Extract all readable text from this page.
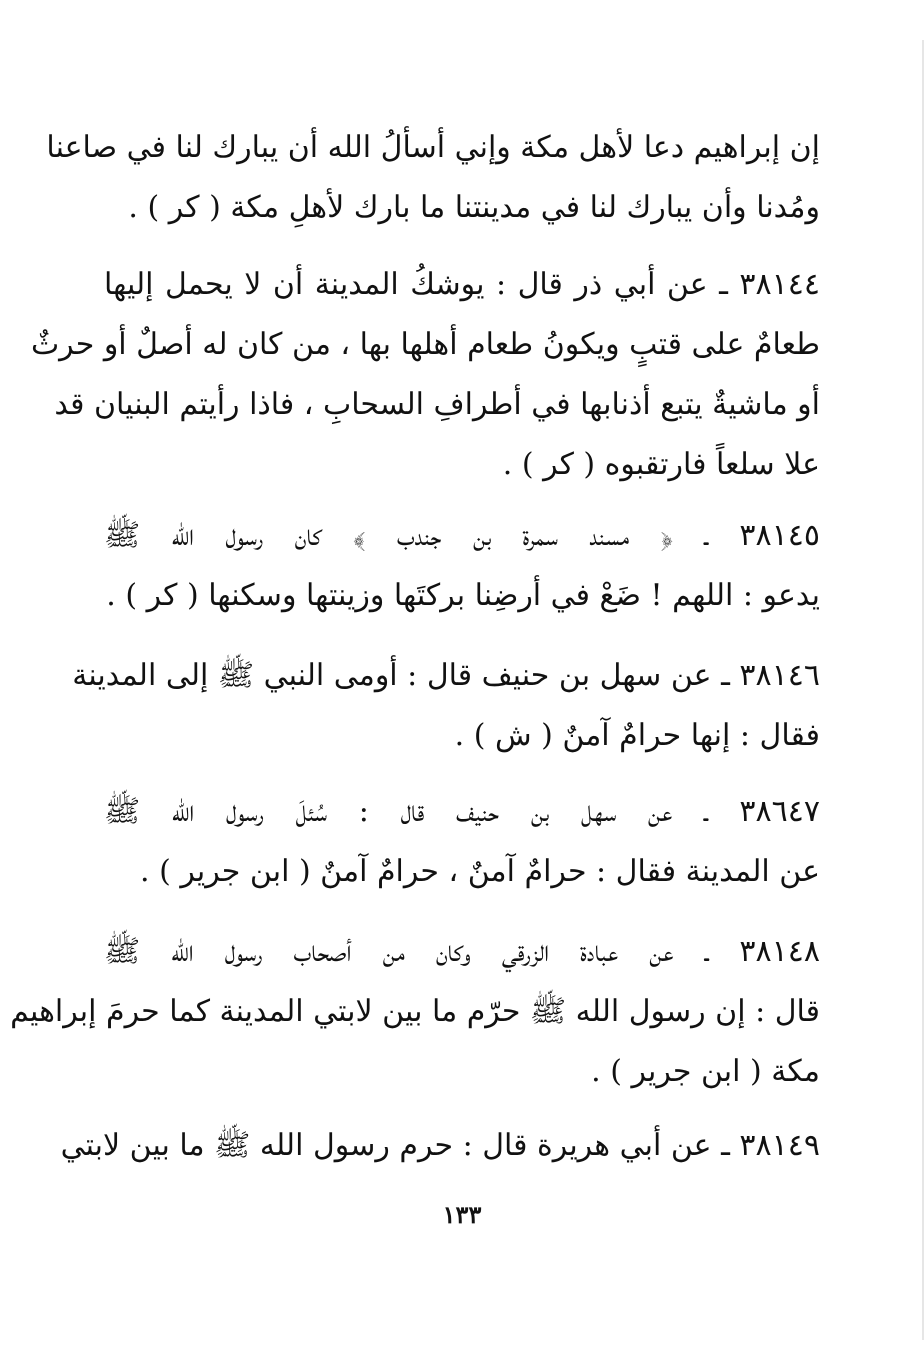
إن إبراهيم دعا لأهل مكة وإني أسألُ الله أن يبارك لنا في صاعنا
ومُدنا وأن يبارك لنا في مدينتنا ما بارك لأهلِ مكة ( كر ) .
٣٨١٤٤ ـ عن أبي ذر قال : يوشكُ المدينة أن لا يحمل إليها
طعامٌ على قتبٍ ويكونُ طعام أهلها بها ، من كان له أصلٌ أو حرثٌ
أو ماشيةٌ يتبع أذنابها في أطرافِ السحابِ ، فاذا رأيتم البنيان قد
علا سلعاً فارتقبوه ( كر ) .
٣٨١٤٥ ـ ﴿ مسند سمرة بن جندب ﴾ كان رسول الله ﷺ
يدعو : اللهم ! ضَعْ في أرضِنا بركتَها وزينتها وسكنها ( كر ) .
٣٨١٤٦ ـ عن سهل بن حنيف قال : أومى النبي ﷺ إلى المدينة
فقال : إنها حرامٌ آمنٌ ( ش ) .
٣٨٦٤٧ ـ عن سهل بن حنيف قال : سُئلَ رسول الله ﷺ
عن المدينة فقال : حرامٌ آمنٌ ، حرامٌ آمنٌ ( ابن جرير ) .
٣٨١٤٨ ـ عن عبادة الزرقي وكان من أصحاب رسول الله ﷺ
قال : إن رسول الله ﷺ حرّم ما بين لابتي المدينة كما حرمَ إبراهيم
مكة ( ابن جرير ) .
٣٨١٤٩ ـ عن أبي هريرة قال : حرم رسول الله ﷺ ما بين لابتي
١٣٣
